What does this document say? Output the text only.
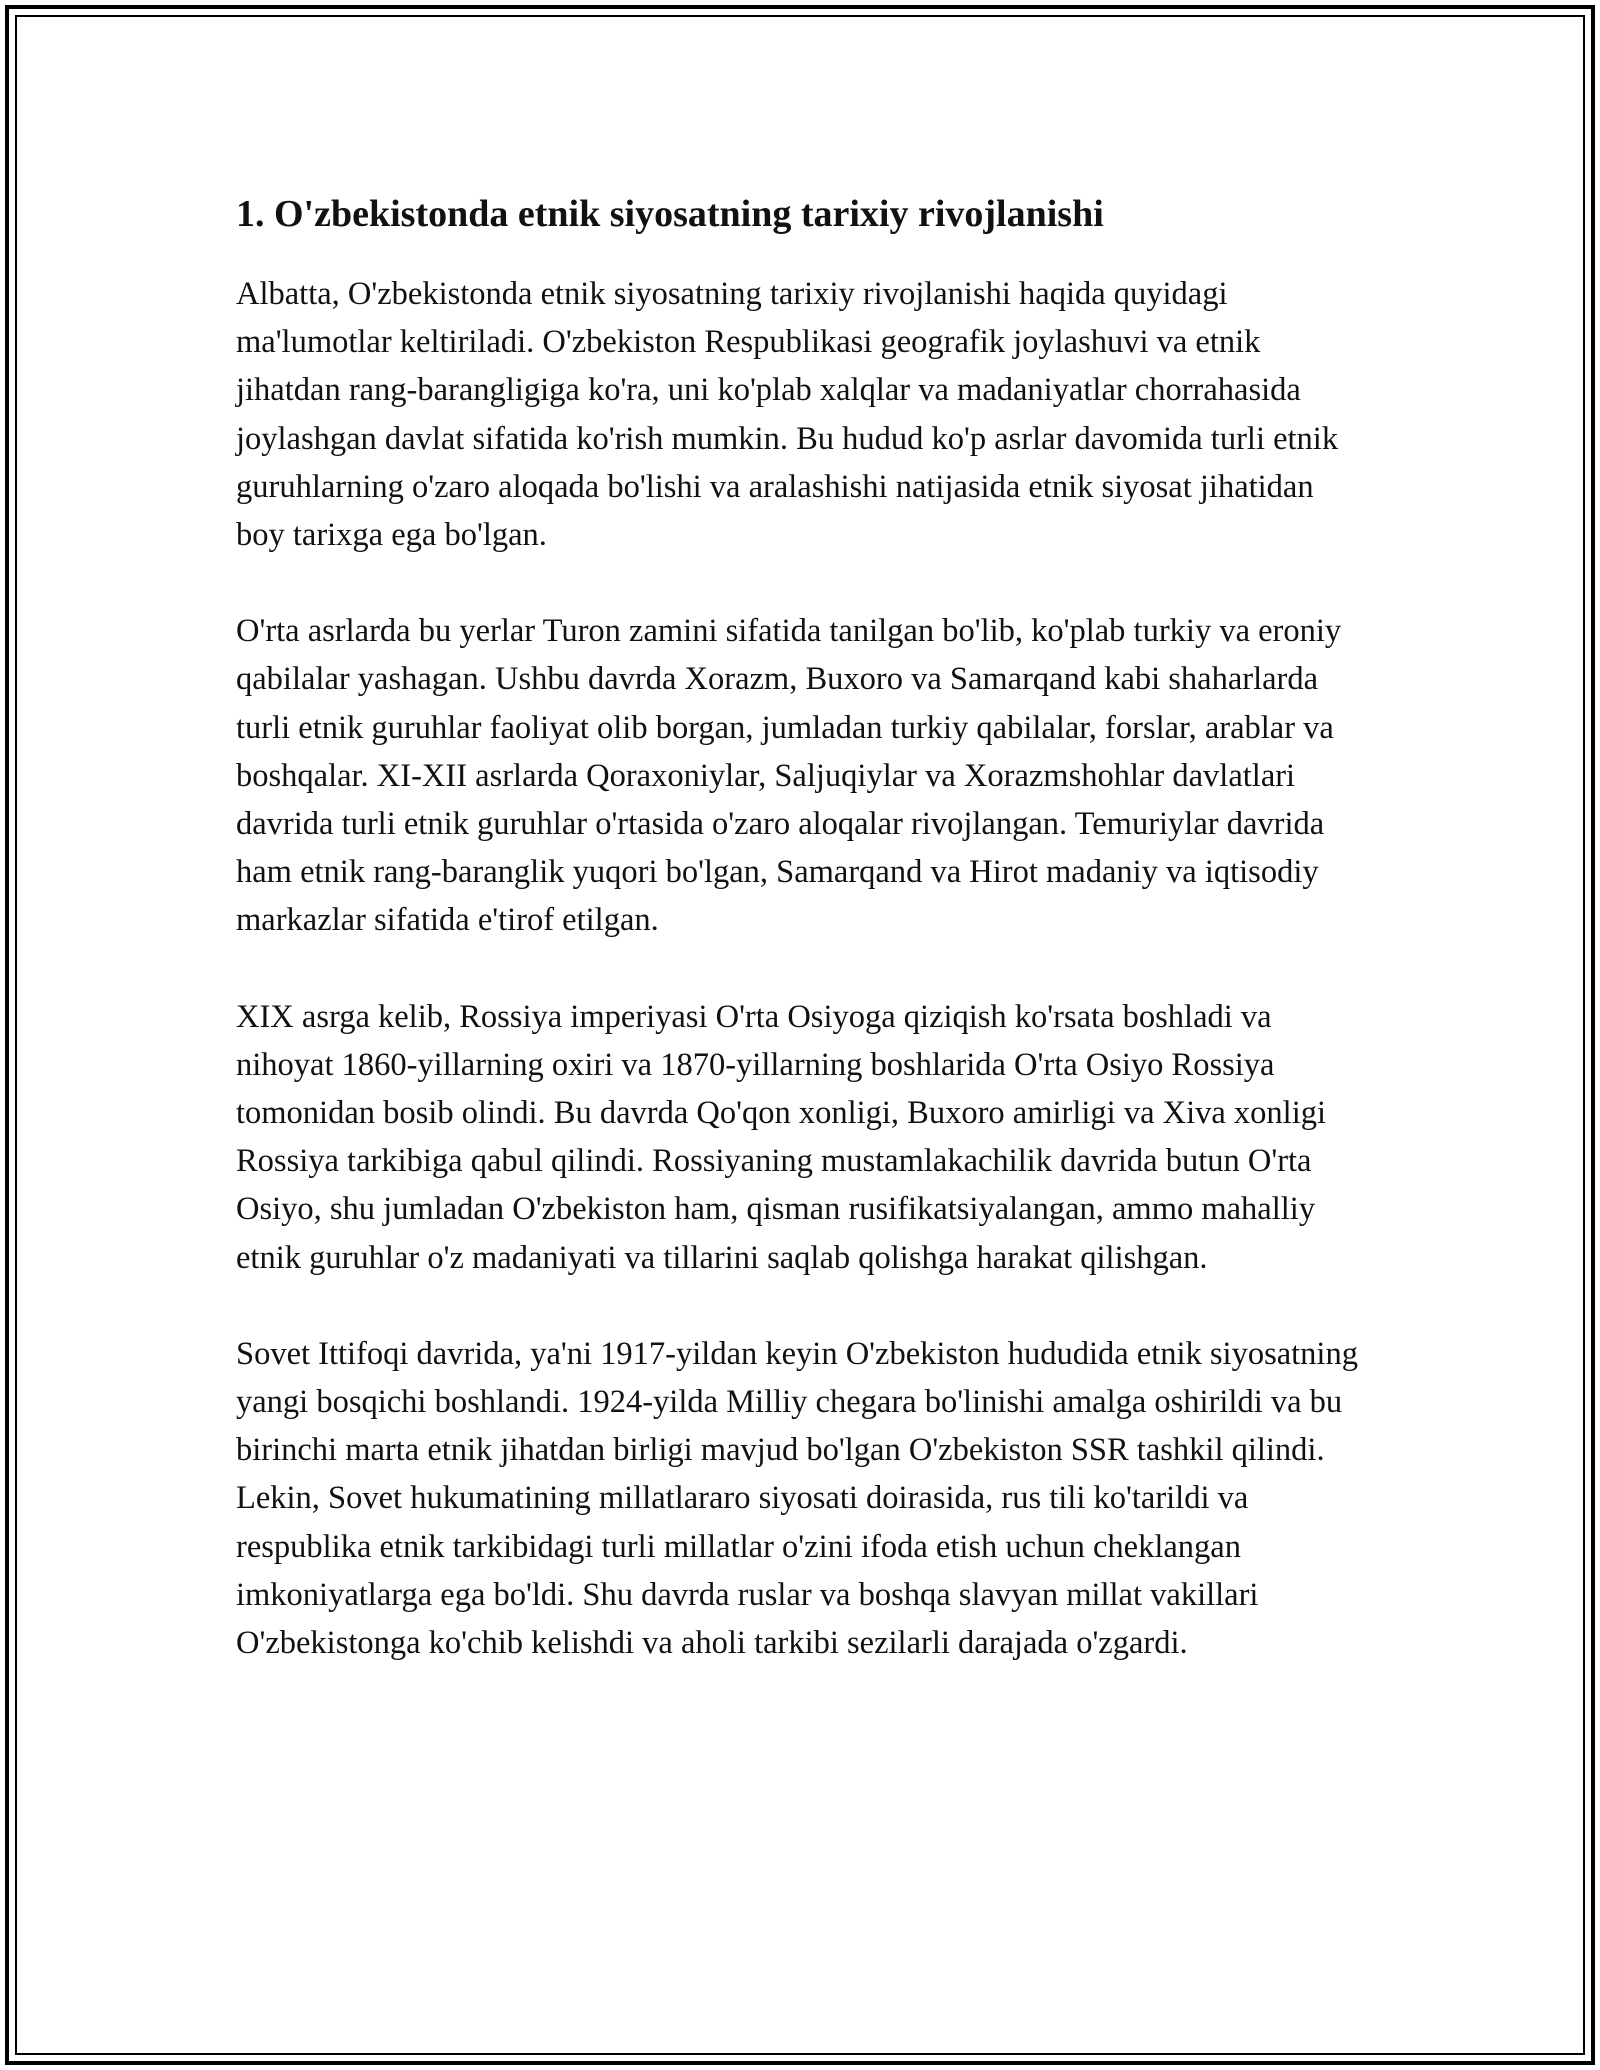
1. O'zbekistonda etnik siyosatning tarixiy rivojlanishi

Albatta, O'zbekistonda etnik siyosatning tarixiy rivojlanishi haqida quyidagi ma'lumotlar keltiriladi. O'zbekiston Respublikasi geografik joylashuvi va etnik jihatdan rang-barangligiga ko'ra, uni ko'plab xalqlar va madaniyatlar chorrahasida joylashgan davlat sifatida ko'rish mumkin. Bu hudud ko'p asrlar davomida turli etnik guruhlarning o'zaro aloqada bo'lishi va aralashishi natijasida etnik siyosat jihatidan boy tarixga ega bo'lgan.

O'rta asrlarda bu yerlar Turon zamini sifatida tanilgan bo'lib, ko'plab turkiy va eroniy qabilalar yashagan. Ushbu davrda Xorazm, Buxoro va Samarqand kabi shaharlarda turli etnik guruhlar faoliyat olib borgan, jumladan turkiy qabilalar, forslar, arablar va boshqalar. XI-XII asrlarda Qoraxoniylar, Saljuqiylar va Xorazmshohlar davlatlari davrida turli etnik guruhlar o'rtasida o'zaro aloqalar rivojlangan. Temuriylar davrida ham etnik rang-baranglik yuqori bo'lgan, Samarqand va Hirot madaniy va iqtisodiy markazlar sifatida e'tirof etilgan.

XIX asrga kelib, Rossiya imperiyasi O'rta Osiyoga qiziqish ko'rsata boshladi va nihoyat 1860-yillarning oxiri va 1870-yillarning boshlarida O'rta Osiyo Rossiya tomonidan bosib olindi. Bu davrda Qo'qon xonligi, Buxoro amirligi va Xiva xonligi Rossiya tarkibiga qabul qilindi. Rossiyaning mustamlakachilik davrida butun O'rta Osiyo, shu jumladan O'zbekiston ham, qisman rusifikatsiyalangan, ammo mahalliy etnik guruhlar o'z madaniyati va tillarini saqlab qolishga harakat qilishgan.

Sovet Ittifoqi davrida, ya'ni 1917-yildan keyin O'zbekiston hududida etnik siyosatning yangi bosqichi boshlandi. 1924-yilda Milliy chegara bo'linishi amalga oshirildi va bu birinchi marta etnik jihatdan birligi mavjud bo'lgan O'zbekiston SSR tashkil qilindi. Lekin, Sovet hukumatining millatlararo siyosati doirasida, rus tili ko'tarildi va respublika etnik tarkibidagi turli millatlar o'zini ifoda etish uchun cheklangan imkoniyatlarga ega bo'ldi. Shu davrda ruslar va boshqa slavyan millat vakillari O'zbekistonga ko'chib kelishdi va aholi tarkibi sezilarli darajada o'zgardi.
